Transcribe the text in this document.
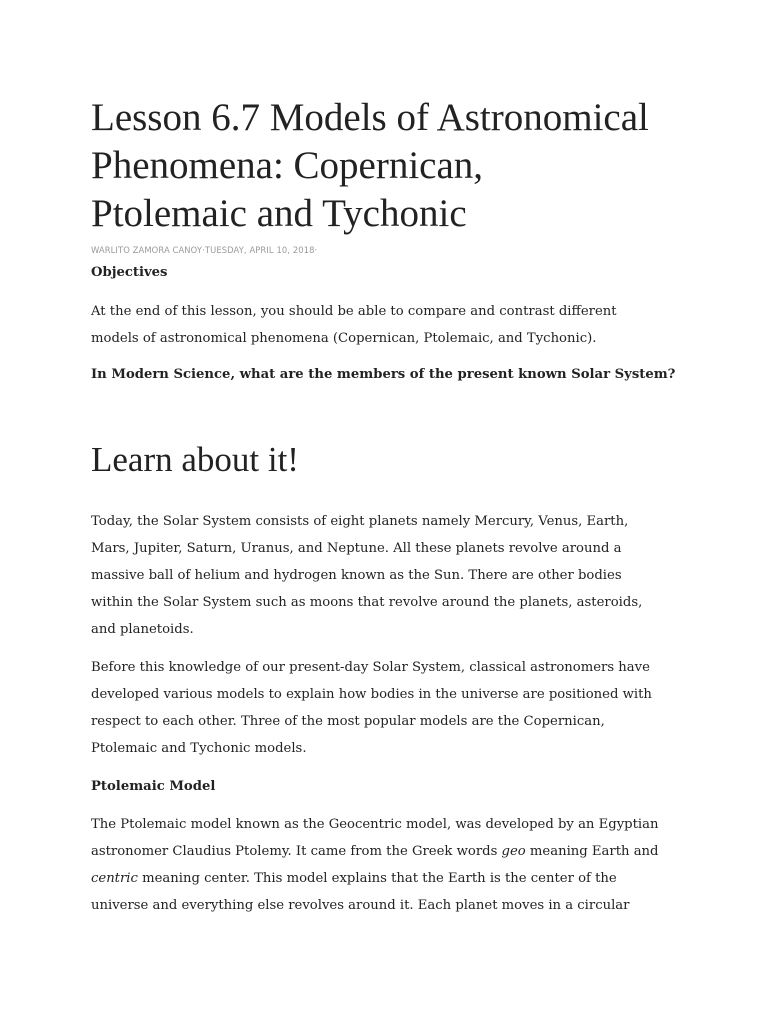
Lesson 6.7 Models of Astronomical
Phenomena: Copernican,
Ptolemaic and Tychonic
WARLITO ZAMORA CANOY·TUESDAY, APRIL 10, 2018·
Objectives

At the end of this lesson, you should be able to compare and contrast different
models of astronomical phenomena (Copernican, Ptolemaic, and Tychonic).

In Modern Science, what are the members of the present known Solar System?

Learn about it!

Today, the Solar System consists of eight planets namely Mercury, Venus, Earth,
Mars, Jupiter, Saturn, Uranus, and Neptune. All these planets revolve around a
massive ball of helium and hydrogen known as the Sun. There are other bodies
within the Solar System such as moons that revolve around the planets, asteroids,
and planetoids.

Before this knowledge of our present-day Solar System, classical astronomers have
developed various models to explain how bodies in the universe are positioned with
respect to each other. Three of the most popular models are the Copernican,
Ptolemaic and Tychonic models.

Ptolemaic Model

The Ptolemaic model known as the Geocentric model, was developed by an Egyptian
astronomer Claudius Ptolemy. It came from the Greek words geo meaning Earth and
centric meaning center. This model explains that the Earth is the center of the
universe and everything else revolves around it. Each planet moves in a circular
